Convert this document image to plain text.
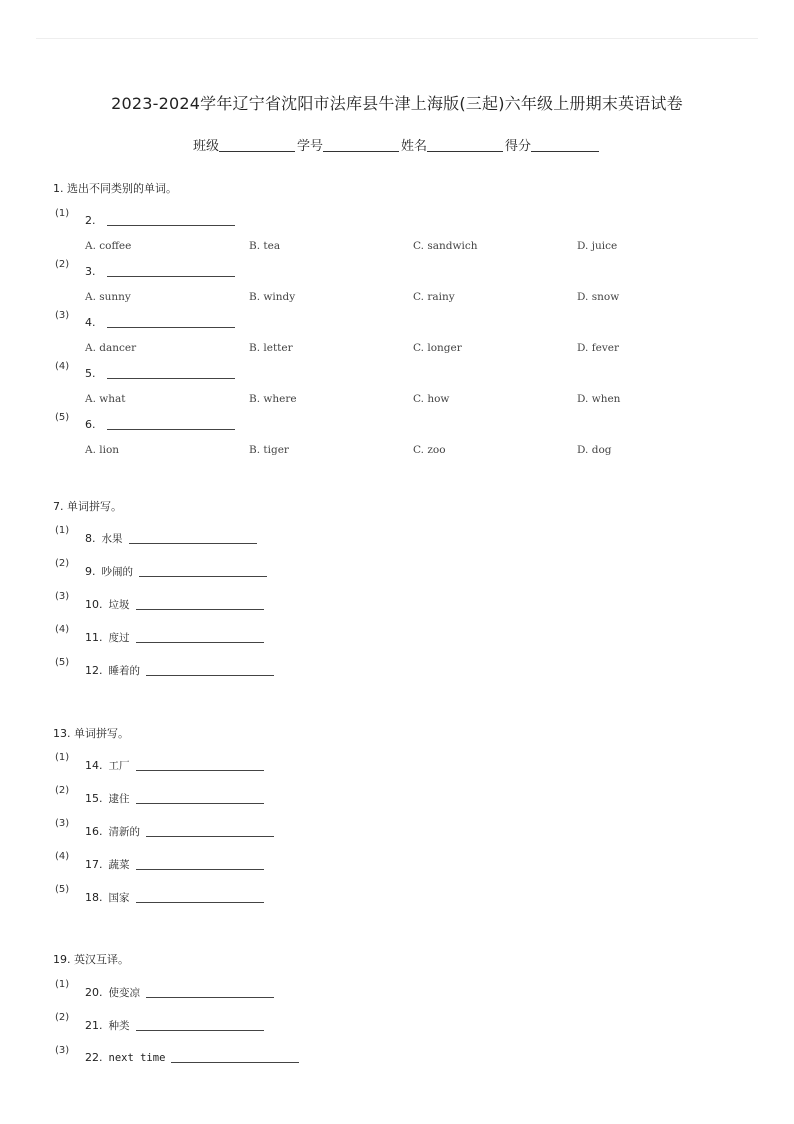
2023-2024学年辽宁省沈阳市法库县牛津上海版(三起)六年级上册期末英语试卷
班级	学号	姓名	得分
1. 选出不同类别的单词。
(1)
2.
A. coffee	B. tea	C. sandwich	D. juice
(2)
3.
A. sunny	B. windy	C. rainy	D. snow
(3)
4.
A. dancer	B. letter	C. longer	D. fever
(4)
5.
A. what	B. where	C. how	D. when
(5)
6.
A. lion	B. tiger	C. zoo	D. dog
7. 单词拼写。
(1)
8. 水果
(2)
9. 吵闹的
(3)
10. 垃圾
(4)
11. 度过
(5)
12. 睡着的
13. 单词拼写。
(1)
14. 工厂
(2)
15. 逮住
(3)
16. 清新的
(4)
17. 蔬菜
(5)
18. 国家
19. 英汉互译。
(1)
20. 使变凉
(2)
21. 种类
(3)
22. next time
